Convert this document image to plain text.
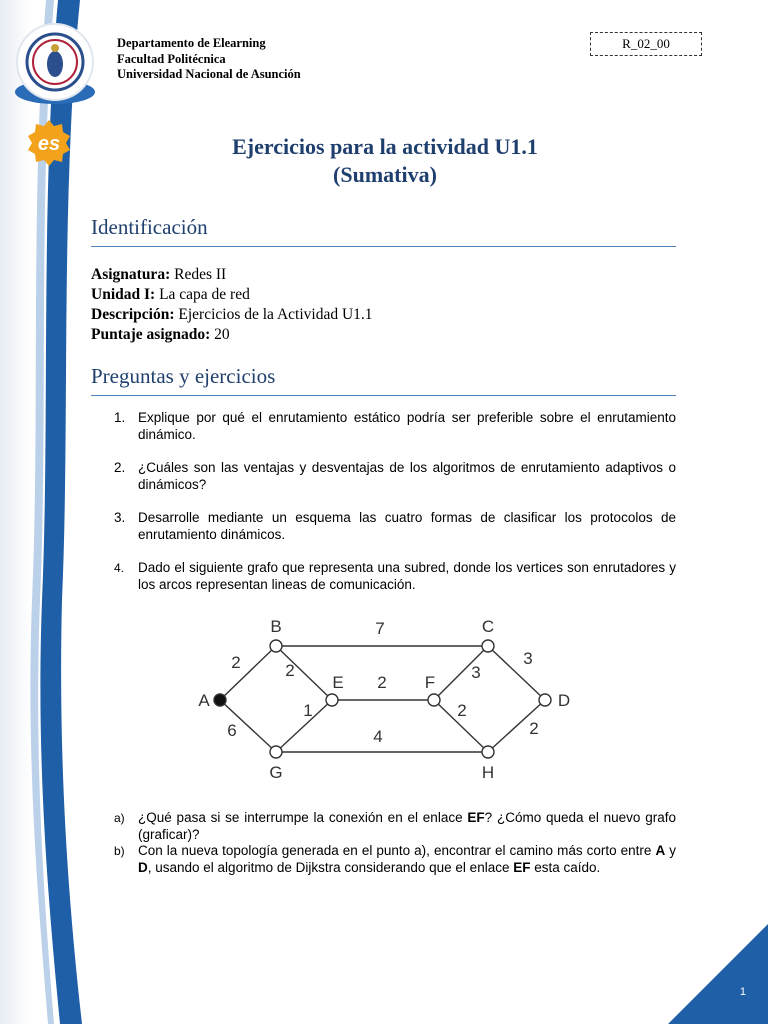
es
Departamento de Elearning
Facultad Politécnica
Universidad Nacional de Asunción
R_02_00
Ejercicios para la actividad U1.1
(Sumativa)
Identificación
Asignatura: Redes II
Unidad I: La capa de red
Descripción: Ejercicios de la Actividad U1.1
Puntaje asignado: 20
Preguntas y ejercicios
1. Explique por qué el enrutamiento estático podría ser preferible sobre el enrutamiento dinámico.
2. ¿Cuáles son las ventajas y desventajas de los algoritmos de enrutamiento adaptivos o dinámicos?
3. Desarrolle mediante un esquema las cuatro formas de clasificar los protocolos de enrutamiento dinámicos.
4.	Dado el siguiente grafo que representa una subred, donde los vertices son enrutadores y los arcos representan lineas de comunicación.
2
6
7
2
1
2
4
3
2
3
2
A
B	C
D
E	F
G	H
a) ¿Qué pasa si se interrumpe la conexión en el enlace EF? ¿Cómo queda el nuevo grafo (graficar)?
b) Con la nueva topología generada en el punto a), encontrar el camino más corto entre A y D, usando el algoritmo de Dijkstra considerando que el enlace EF esta caído.
1
